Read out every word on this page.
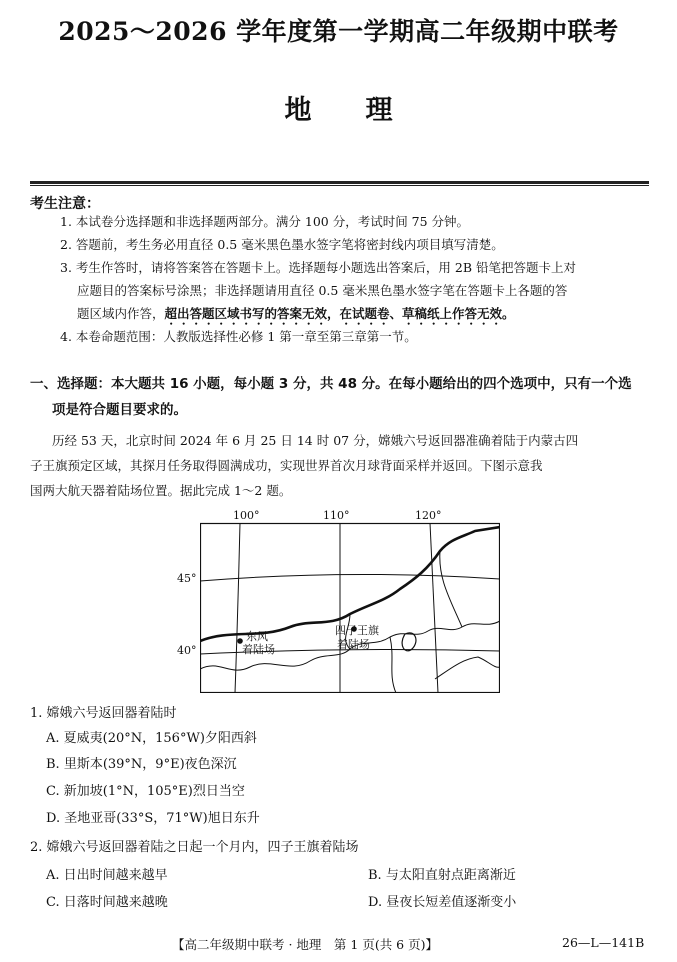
2025～2026 学年度第一学期高二年级期中联考
地理
考生注意：
1. 本试卷分选择题和非选择题两部分。满分 100 分，考试时间 75 分钟。
2. 答题前，考生务必用直径 0.5 毫米黑色墨水签字笔将密封线内项目填写清楚。
3. 考生作答时，请将答案答在答题卡上。选择题每小题选出答案后，用 2B 铅笔把答题卡上对
应题目的答案标号涂黑；非选择题请用直径 0.5 毫米黑色墨水签字笔在答题卡上各题的答
题区域内作答，超出答题区域书写的答案无效，在试题卷、草稿纸上作答无效。
4. 本卷命题范围：人教版选择性必修 1 第一章至第三章第一节。
一、选择题：本大题共 16 小题，每小题 3 分，共 48 分。在每小题给出的四个选项中，只有一个选
项是符合题目要求的。
历经 53 天，北京时间 2024 年 6 月 25 日 14 时 07 分，嫦娥六号返回器准确着陆于内蒙古四
子王旗预定区域，其探月任务取得圆满成功，实现世界首次月球背面采样并返回。下图示意我
国两大航天器着陆场位置。据此完成 1～2 题。
东风
着陆场
四子王旗
着陆场
100°	110°	120°
45°
40°
1. 嫦娥六号返回器着陆时
A. 夏威夷(20°N，156°W)夕阳西斜
B. 里斯本(39°N，9°E)夜色深沉
C. 新加坡(1°N，105°E)烈日当空
D. 圣地亚哥(33°S，71°W)旭日东升
2. 嫦娥六号返回器着陆之日起一个月内，四子王旗着陆场
A. 日出时间越来越早	B. 与太阳直射点距离渐近
C. 日落时间越来越晚	D. 昼夜长短差值逐渐变小
【高二年级期中联考 · 地理　第 1 页(共 6 页)】	26—L—141B
